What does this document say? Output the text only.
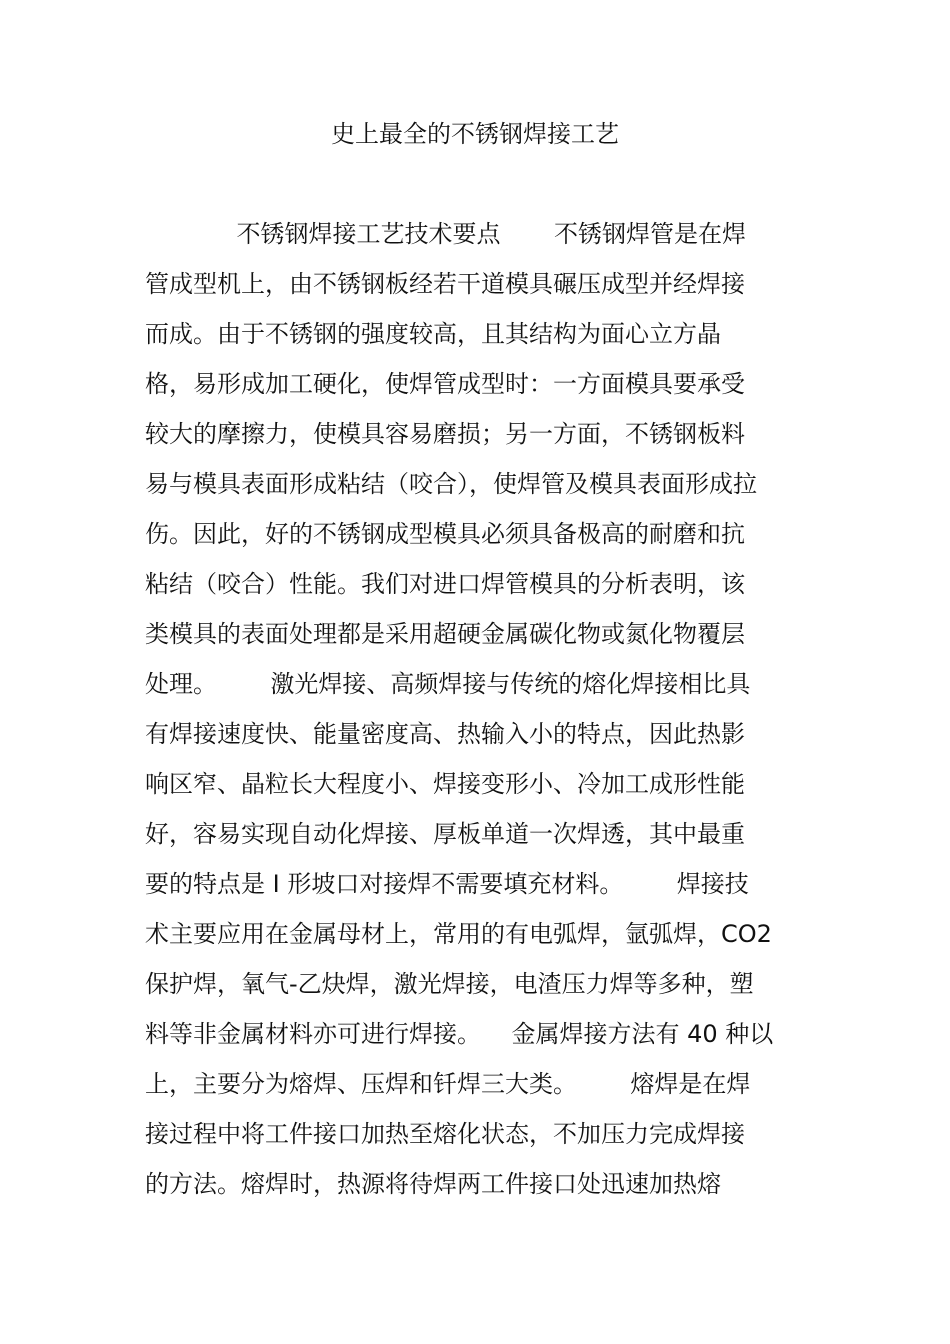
史上最全的不锈钢焊接工艺
不锈钢焊接工艺技术要点       不锈钢焊管是在焊
管成型机上，由不锈钢板经若干道模具碾压成型并经焊接
而成。由于不锈钢的强度较高，且其结构为面心立方晶
格，易形成加工硬化，使焊管成型时：一方面模具要承受
较大的摩擦力，使模具容易磨损；另一方面，不锈钢板料
易与模具表面形成粘结（咬合），使焊管及模具表面形成拉
伤。因此，好的不锈钢成型模具必须具备极高的耐磨和抗
粘结（咬合）性能。我们对进口焊管模具的分析表明，该
类模具的表面处理都是采用超硬金属碳化物或氮化物覆层
处理。       激光焊接、高频焊接与传统的熔化焊接相比具
有焊接速度快、能量密度高、热输入小的特点，因此热影
响区窄、晶粒长大程度小、焊接变形小、冷加工成形性能
好，容易实现自动化焊接、厚板单道一次焊透，其中最重
要的特点是 I 形坡口对接焊不需要填充材料。       焊接技
术主要应用在金属母材上，常用的有电弧焊，氩弧焊，CO2
保护焊，氧气-乙炔焊，激光焊接，电渣压力焊等多种，塑
料等非金属材料亦可进行焊接。    金属焊接方法有 40 种以
上，主要分为熔焊、压焊和钎焊三大类。       熔焊是在焊
接过程中将工件接口加热至熔化状态，不加压力完成焊接
的方法。熔焊时，热源将待焊两工件接口处迅速加热熔
